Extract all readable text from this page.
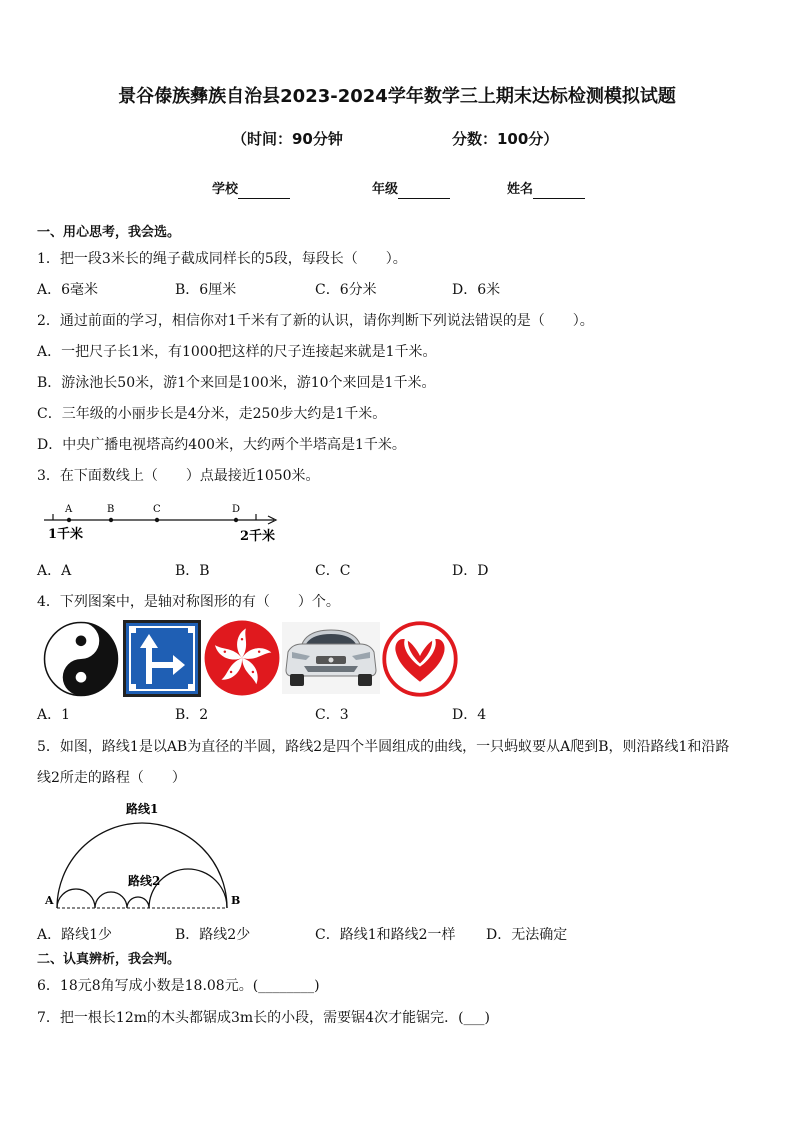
景谷傣族彝族自治县2023-2024学年数学三上期末达标检测模拟试题
（时间：90分钟	分数：100分）
学校	年级	姓名
一、用心思考，我会选。
1．把一段3米长的绳子截成同样长的5段，每段长（　　）。
A．6毫米	B．6厘米	C．6分米	D．6米
2．通过前面的学习，相信你对1千米有了新的认识，请你判断下列说法错误的是（　　）。
A．一把尺子长1米，有1000把这样的尺子连接起来就是1千米。
B．游泳池长50米，游1个来回是100米，游10个来回是1千米。
C．三年级的小丽步长是4分米，走250步大约是1千米。
D．中央广播电视塔高约400米，大约两个半塔高是1千米。
3．在下面数线上（　　）点最接近1050米。
A	B	C	D
1千米	2千米
A．A	B．B	C．C	D．D
4．下列图案中，是轴对称图形的有（　　）个。
A．1	B．2	C．3	D．4
5．如图，路线1是以AB为直径的半圆，路线2是四个半圆组成的曲线，一只蚂蚁要从A爬到B，则沿路线1和沿路
线2所走的路程（　　）
路线1
路线2
A	B
A．路线1少	B．路线2少	C．路线1和路线2一样 D．无法确定
二、认真辨析，我会判。
6．18元8角写成小数是18.08元。(________)
7．把一根长12m的木头都锯成3m长的小段，需要锯4次才能锯完．(___)
